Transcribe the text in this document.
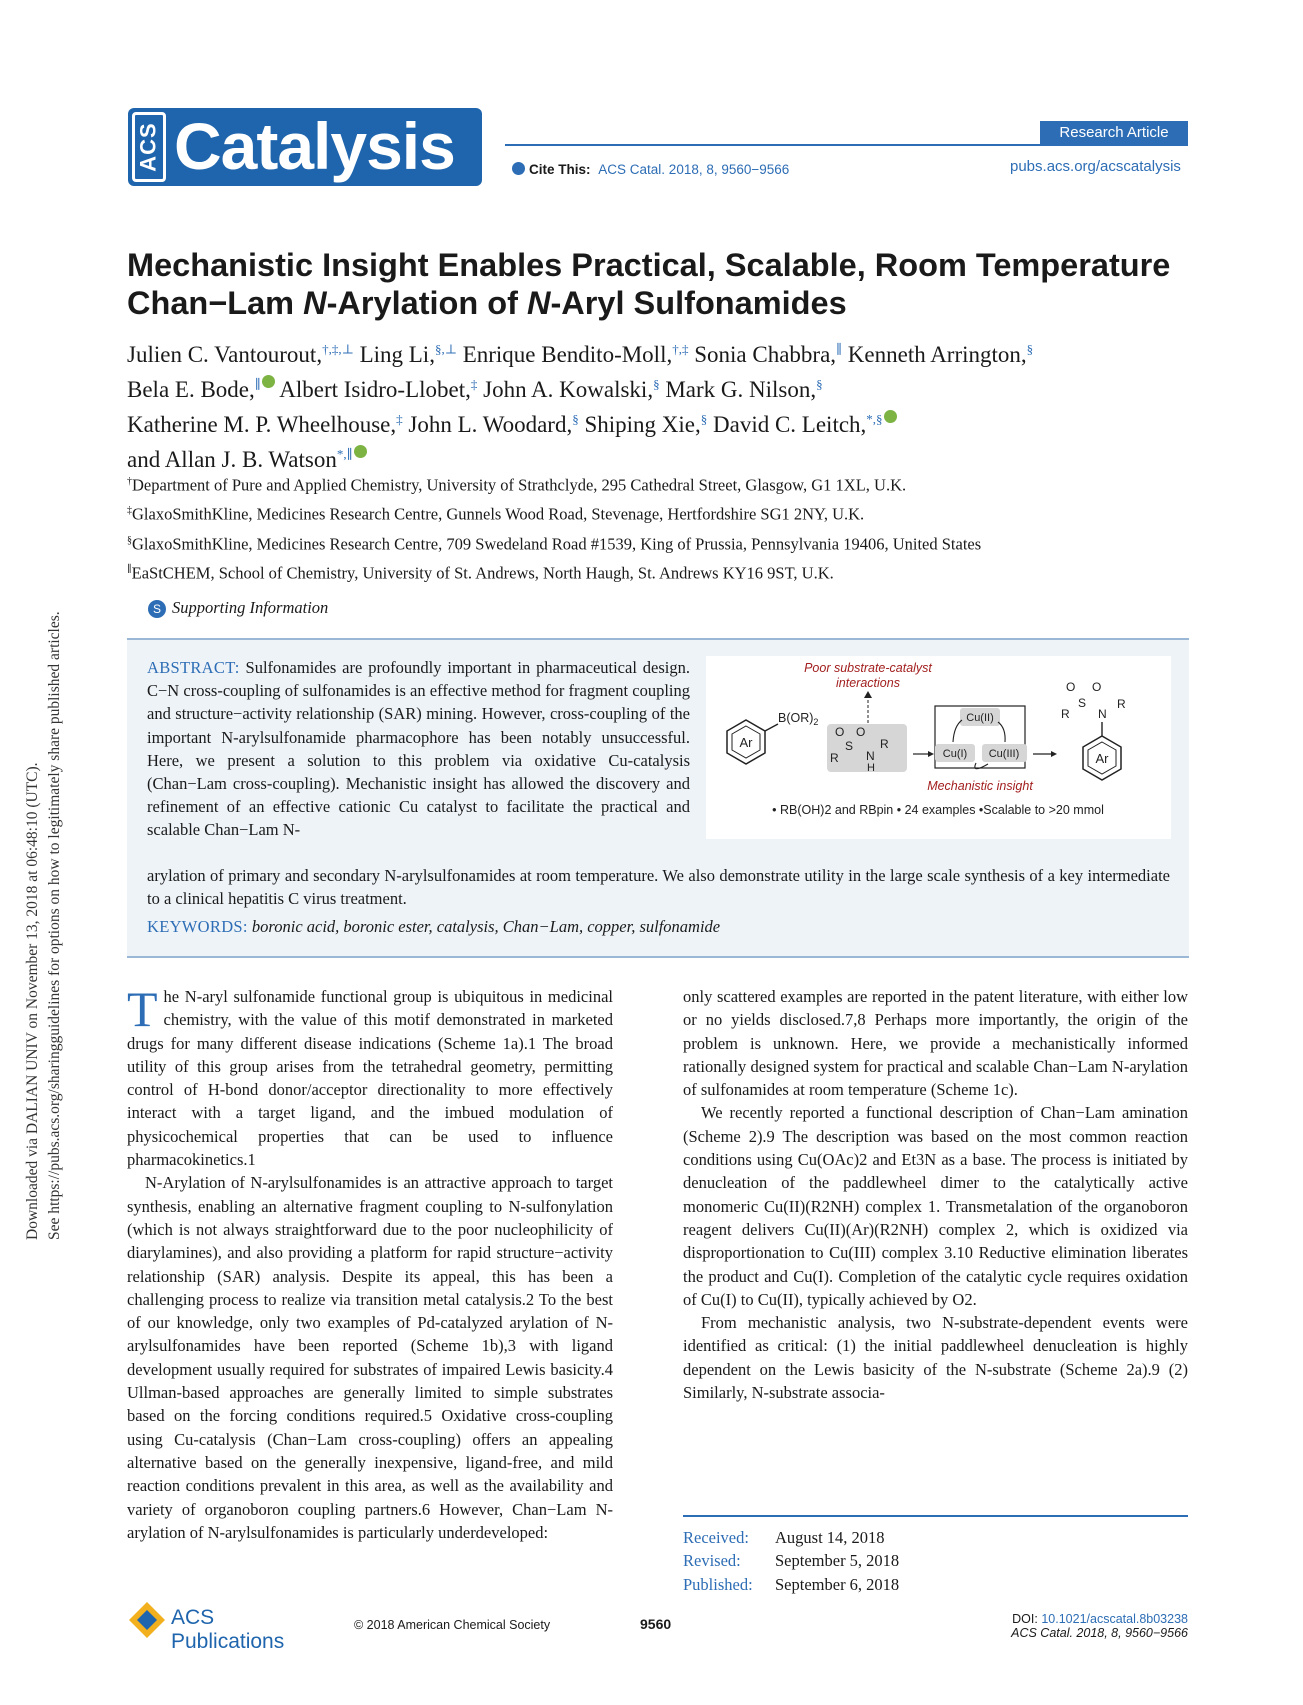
Downloaded via DALIAN UNIV on November 13, 2018 at 06:48:10 (UTC). See https://pubs.acs.org/sharingguidelines for options on how to legitimately share published articles.
ACS Catalysis	Research Article
Cite This: ACS Catal. 2018, 8, 9560−9566	pubs.acs.org/acscatalysis
Mechanistic Insight Enables Practical, Scalable, Room Temperature
Chan−Lam N-Arylation of N-Aryl Sulfonamides
Julien C. Vantourout,†,‡,⊥ Ling Li,§,⊥ Enrique Bendito-Moll,†,‡ Sonia Chabbra,∥ Kenneth Arrington,§
Bela E. Bode,∥ Albert Isidro-Llobet,‡ John A. Kowalski,§ Mark G. Nilson,§
Katherine M. P. Wheelhouse,‡ John L. Woodard,§ Shiping Xie,§ David C. Leitch,*,§
and Allan J. B. Watson*,∥
†Department of Pure and Applied Chemistry, University of Strathclyde, 295 Cathedral Street, Glasgow, G1 1XL, U.K.
‡GlaxoSmithKline, Medicines Research Centre, Gunnels Wood Road, Stevenage, Hertfordshire SG1 2NY, U.K.
§GlaxoSmithKline, Medicines Research Centre, 709 Swedeland Road #1539, King of Prussia, Pennsylvania 19406, United States
∥EaStCHEM, School of Chemistry, University of St. Andrews, North Haugh, St. Andrews KY16 9ST, U.K.
S Supporting Information
ABSTRACT: Sulfonamides are profoundly important in pharmaceutical design. C−N cross-coupling of sulfonamides is an effective method for fragment coupling and structure−activity relationship (SAR) mining. However, cross-coupling of the important N-arylsulfonamide pharmacophore has been notably unsuccessful. Here, we present a solution to this problem via oxidative Cu-catalysis (Chan−Lam cross-coupling). Mechanistic insight has allowed the discovery and refinement of an effective cationic Cu catalyst to facilitate the practical and scalable Chan−Lam N-
arylation of primary and secondary N-arylsulfonamides at room temperature. We also demonstrate utility in the large scale synthesis of a key intermediate to a clinical hepatitis C virus treatment.
KEYWORDS: boronic acid, boronic ester, catalysis, Chan−Lam, copper, sulfonamide
Poor substrate-catalyst
interactions
Ar
$B(OR)_2$
O O
S
R N
R
H
Cu(II)
Cu(I) Cu(III)
Mechanistic insight
O O
S
R N
R
Ar
• RB(OH)2 and RBpin • 24 examples •Scalable to >20 mmol

The N-aryl sulfonamide functional group is ubiquitous in medicinal chemistry, with the value of this motif demonstrated in marketed drugs for many different disease indications (Scheme 1a).1 The broad utility of this group arises from the tetrahedral geometry, permitting control of H-bond donor/acceptor directionality to more effectively interact with a target ligand, and the imbued modulation of physicochemical properties that can be used to influence pharmacokinetics.1

N-Arylation of N-arylsulfonamides is an attractive approach to target synthesis, enabling an alternative fragment coupling to N-sulfonylation (which is not always straightforward due to the poor nucleophilicity of diarylamines), and also providing a platform for rapid structure−activity relationship (SAR) analysis. Despite its appeal, this has been a challenging process to realize via transition metal catalysis.2 To the best of our knowledge, only two examples of Pd-catalyzed arylation of N-arylsulfonamides have been reported (Scheme 1b),3 with ligand development usually required for substrates of impaired Lewis basicity.4 Ullman-based approaches are generally limited to simple substrates based on the forcing conditions required.5 Oxidative cross-coupling using Cu-catalysis (Chan−Lam cross-coupling) offers an appealing alternative based on the generally inexpensive, ligand-free, and mild reaction conditions prevalent in this area, as well as the availability and variety of organoboron coupling partners.6 However, Chan−Lam N-arylation of N-arylsulfonamides is particularly underdeveloped:

only scattered examples are reported in the patent literature, with either low or no yields disclosed.7,8 Perhaps more importantly, the origin of the problem is unknown. Here, we provide a mechanistically informed rationally designed system for practical and scalable Chan−Lam N-arylation of sulfonamides at room temperature (Scheme 1c).

We recently reported a functional description of Chan−Lam amination (Scheme 2).9 The description was based on the most common reaction conditions using Cu(OAc)2 and Et3N as a base. The process is initiated by denucleation of the paddlewheel dimer to the catalytically active monomeric Cu(II)(R2NH) complex 1. Transmetalation of the organoboron reagent delivers Cu(II)(Ar)(R2NH) complex 2, which is oxidized via disproportionation to Cu(III) complex 3.10 Reductive elimination liberates the product and Cu(I). Completion of the catalytic cycle requires oxidation of Cu(I) to Cu(II), typically achieved by O2.

From mechanistic analysis, two N-substrate-dependent events were identified as critical: (1) the initial paddlewheel denucleation is highly dependent on the Lewis basicity of the N-substrate (Scheme 2a).9 (2) Similarly, N-substrate associa-

Received: August 14, 2018
Revised: September 5, 2018
Published: September 6, 2018
ACS Publications
© 2018 American Chemical Society	9560	DOI: 10.1021/acscatal.8b03238
ACS Catal. 2018, 8, 9560−9566
